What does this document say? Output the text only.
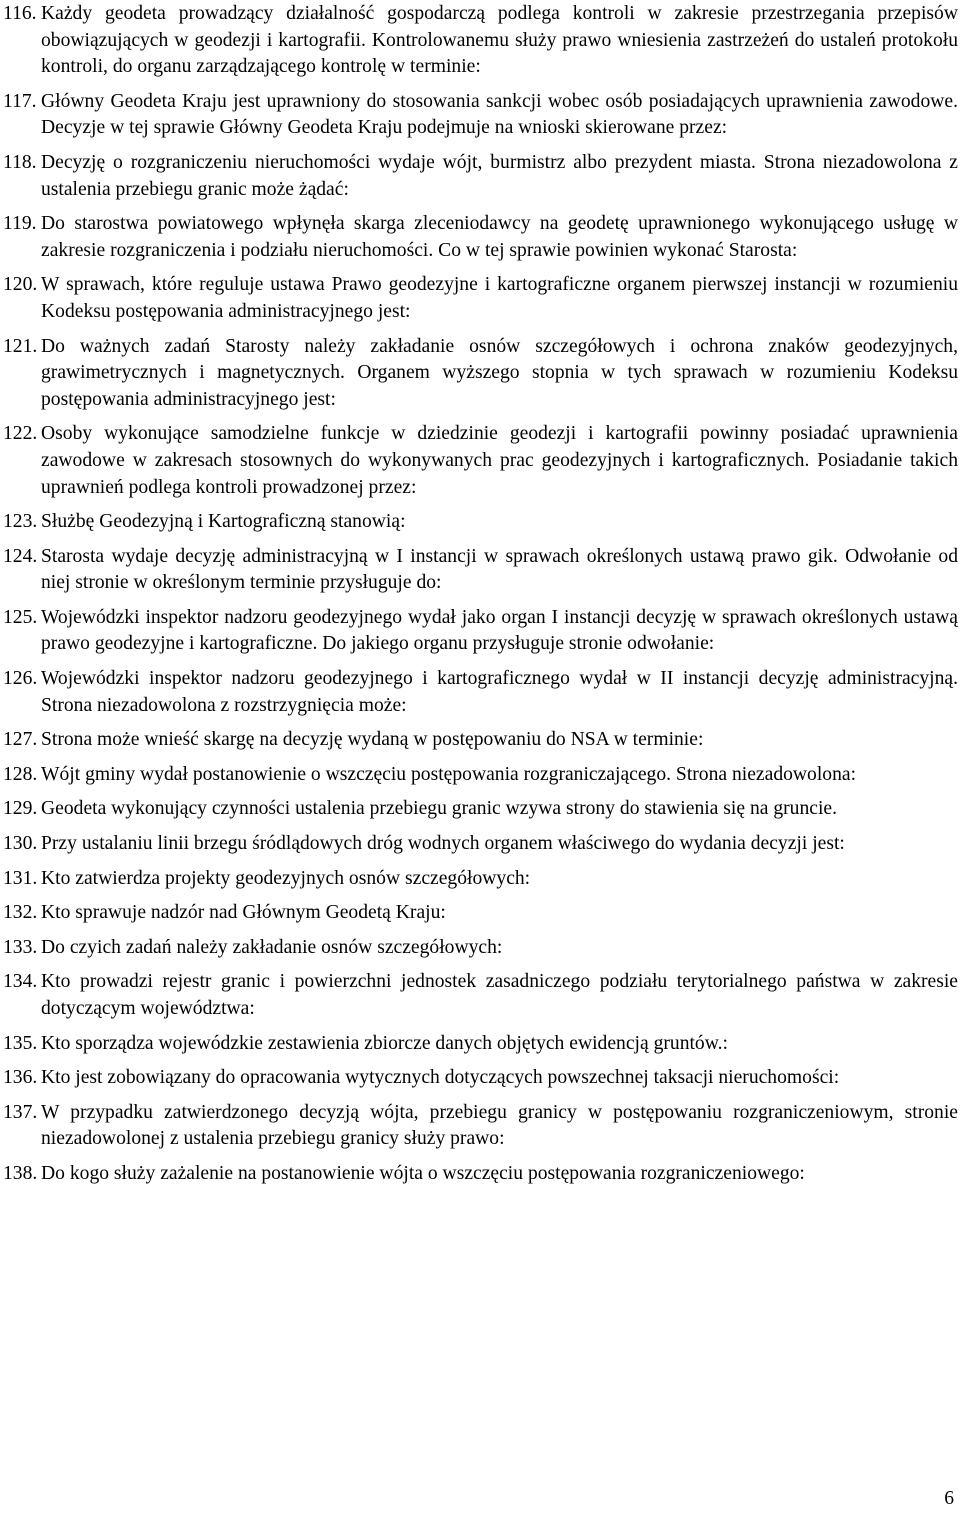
116. Każdy geodeta prowadzący działalność gospodarczą podlega kontroli w zakresie przestrzegania przepisów obowiązujących w geodezji i kartografii. Kontrolowanemu służy prawo wniesienia zastrzeżeń do ustaleń protokołu kontroli, do organu zarządzającego kontrolę w terminie:
117. Główny Geodeta Kraju jest uprawniony do stosowania sankcji wobec osób posiadających uprawnienia zawodowe. Decyzje w tej sprawie Główny Geodeta Kraju podejmuje na wnioski skierowane przez:
118. Decyzję o rozgraniczeniu nieruchomości wydaje wójt, burmistrz albo prezydent miasta. Strona niezadowolona z ustalenia przebiegu granic może żądać:
119. Do starostwa powiatowego wpłynęła skarga zleceniodawcy na geodetę uprawnionego wykonującego usługę w zakresie rozgraniczenia i podziału nieruchomości. Co w tej sprawie powinien wykonać Starosta:
120. W sprawach, które reguluje ustawa Prawo geodezyjne i kartograficzne organem pierwszej instancji w rozumieniu Kodeksu postępowania administracyjnego jest:
121. Do ważnych zadań Starosty należy zakładanie osnów szczegółowych i ochrona znaków geodezyjnych, grawimetrycznych i magnetycznych. Organem wyższego stopnia w tych sprawach w rozumieniu Kodeksu postępowania administracyjnego jest:
122. Osoby wykonujące samodzielne funkcje w dziedzinie geodezji i kartografii powinny posiadać uprawnienia zawodowe w zakresach stosownych do wykonywanych prac geodezyjnych i kartograficznych. Posiadanie takich uprawnień podlega kontroli prowadzonej przez:
123. Służbę Geodezyjną i Kartograficzną stanowią:
124. Starosta wydaje decyzję administracyjną w I instancji w sprawach określonych ustawą prawo gik. Odwołanie od niej stronie w określonym terminie przysługuje do:
125. Wojewódzki inspektor nadzoru geodezyjnego wydał jako organ I instancji decyzję w sprawach określonych ustawą prawo geodezyjne i kartograficzne. Do jakiego organu przysługuje stronie odwołanie:
126. Wojewódzki inspektor nadzoru geodezyjnego i kartograficznego wydał w II instancji decyzję administracyjną. Strona niezadowolona z rozstrzygnięcia może:
127. Strona może wnieść skargę na decyzję wydaną w postępowaniu do NSA w terminie:
128. Wójt gminy wydał postanowienie o wszczęciu postępowania rozgraniczającego. Strona niezadowolona:
129. Geodeta wykonujący czynności ustalenia przebiegu granic wzywa strony do stawienia się na gruncie.
130. Przy ustalaniu linii brzegu śródlądowych dróg wodnych organem właściwego do wydania decyzji jest:
131. Kto zatwierdza projekty geodezyjnych osnów szczegółowych:
132. Kto sprawuje nadzór nad Głównym Geodetą Kraju:
133. Do czyich zadań należy zakładanie osnów szczegółowych:
134. Kto prowadzi rejestr granic i powierzchni jednostek zasadniczego podziału terytorialnego państwa w zakresie dotyczącym województwa:
135. Kto sporządza wojewódzkie zestawienia zbiorcze danych objętych ewidencją gruntów.:
136. Kto jest zobowiązany do opracowania wytycznych dotyczących powszechnej taksacji nieruchomości:
137. W przypadku zatwierdzonego decyzją wójta, przebiegu granicy w postępowaniu rozgraniczeniowym, stronie niezadowolonej z ustalenia przebiegu granicy służy prawo:
138. Do kogo służy zażalenie na postanowienie wójta o wszczęciu postępowania rozgraniczeniowego:
6
